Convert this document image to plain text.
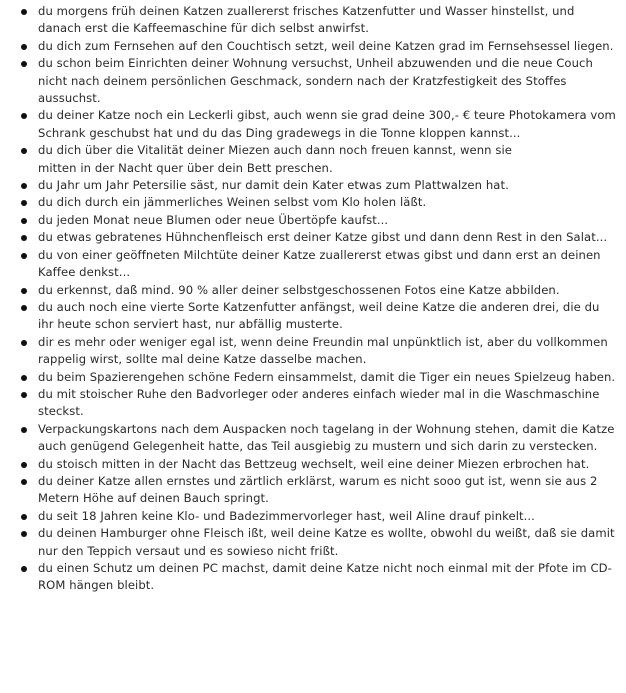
du morgens früh deinen Katzen zuallererst frisches Katzenfutter und Wasser hinstellst, und danach erst die Kaffeemaschine für dich selbst anwirfst.
du dich zum Fernsehen auf den Couchtisch setzt, weil deine Katzen grad im Fernsehsessel liegen.
du schon beim Einrichten deiner Wohnung versuchst, Unheil abzuwenden und die neue Couch nicht nach deinem persönlichen Geschmack, sondern nach der Kratzfestigkeit des Stoffes aussuchst.
du deiner Katze noch ein Leckerli gibst, auch wenn sie grad deine 300,- € teure Photokamera vom Schrank geschubst hat und du das Ding gradewegs in die Tonne kloppen kannst...
du dich über die Vitalität deiner Miezen auch dann noch freuen kannst, wenn sie
mitten in der Nacht quer über dein Bett preschen.
du Jahr um Jahr Petersilie säst, nur damit dein Kater etwas zum Plattwalzen hat.
du dich durch ein jämmerliches Weinen selbst vom Klo holen läßt.
du jeden Monat neue Blumen oder neue Übertöpfe kaufst...
du etwas gebratenes Hühnchenfleisch erst deiner Katze gibst und dann denn Rest in den Salat...
du von einer geöffneten Milchtüte deiner Katze zuallererst etwas gibst und dann erst an deinen Kaffee denkst...
du erkennst, daß mind. 90 % aller deiner selbstgeschossenen Fotos eine Katze abbilden.
du auch noch eine vierte Sorte Katzenfutter anfängst, weil deine Katze die anderen drei, die du ihr heute schon serviert hast, nur abfällig musterte.
dir es mehr oder weniger egal ist, wenn deine Freundin mal unpünktlich ist, aber du vollkommen rappelig wirst, sollte mal deine Katze dasselbe machen.
du beim Spazierengehen schöne Federn einsammelst, damit die Tiger ein neues Spielzeug haben.
du mit stoischer Ruhe den Badvorleger oder anderes einfach wieder mal in die Waschmaschine steckst.
Verpackungskartons nach dem Auspacken noch tagelang in der Wohnung stehen, damit die Katze auch genügend Gelegenheit hatte, das Teil ausgiebig zu mustern und sich darin zu verstecken.
du stoisch mitten in der Nacht das Bettzeug wechselt, weil eine deiner Miezen erbrochen hat.
du deiner Katze allen ernstes und zärtlich erklärst, warum es nicht sooo gut ist, wenn sie aus 2 Metern Höhe auf deinen Bauch springt.
du seit 18 Jahren keine Klo- und Badezimmervorleger hast, weil Aline drauf pinkelt...
du deinen Hamburger ohne Fleisch ißt, weil deine Katze es wollte, obwohl du weißt, daß sie damit nur den Teppich versaut und es sowieso nicht frißt.
du einen Schutz um deinen PC machst, damit deine Katze nicht noch einmal mit der Pfote im CD-ROM hängen bleibt.
